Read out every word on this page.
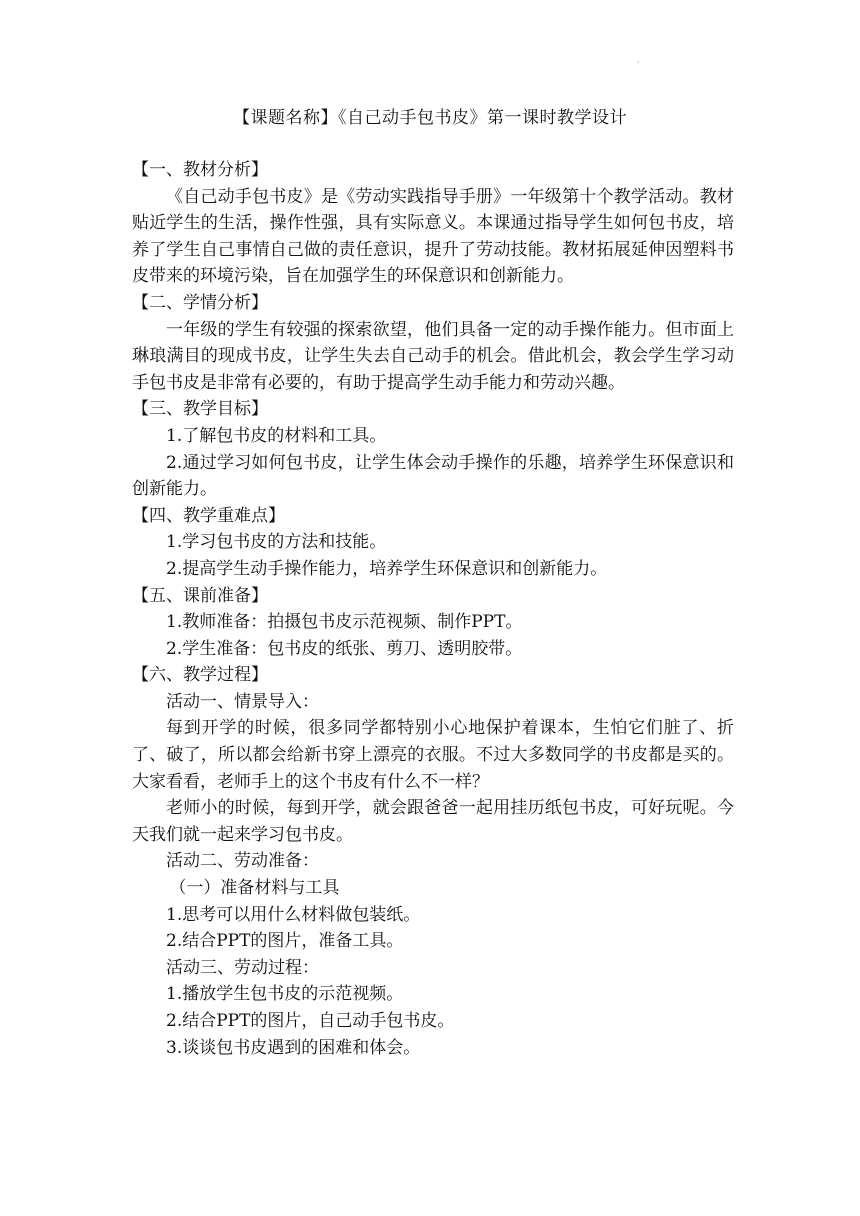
·
【课题名称】《自己动手包书皮》第一课时教学设计

【一、教材分析】

《自己动手包书皮》是《劳动实践指导手册》一年级第十个教学活动。教材贴近学生的生活，操作性强，具有实际意义。本课通过指导学生如何包书皮，培养了学生自己事情自己做的责任意识，提升了劳动技能。教材拓展延伸因塑料书皮带来的环境污染，旨在加强学生的环保意识和创新能力。

【二、学情分析】

一年级的学生有较强的探索欲望，他们具备一定的动手操作能力。但市面上琳琅满目的现成书皮，让学生失去自己动手的机会。借此机会，教会学生学习动手包书皮是非常有必要的，有助于提高学生动手能力和劳动兴趣。

【三、教学目标】

1.了解包书皮的材料和工具。

2.通过学习如何包书皮，让学生体会动手操作的乐趣，培养学生环保意识和创新能力。

【四、教学重难点】

1.学习包书皮的方法和技能。

2.提高学生动手操作能力，培养学生环保意识和创新能力。

【五、课前准备】

1.教师准备：拍摄包书皮示范视频、制作PPT。

2.学生准备：包书皮的纸张、剪刀、透明胶带。

【六、教学过程】

活动一、情景导入：

每到开学的时候，很多同学都特别小心地保护着课本，生怕它们脏了、折了、破了，所以都会给新书穿上漂亮的衣服。不过大多数同学的书皮都是买的。大家看看，老师手上的这个书皮有什么不一样？

老师小的时候，每到开学，就会跟爸爸一起用挂历纸包书皮，可好玩呢。今天我们就一起来学习包书皮。

活动二、劳动准备：

（一）准备材料与工具

1.思考可以用什么材料做包装纸。

2.结合PPT的图片，准备工具。

活动三、劳动过程：

1.播放学生包书皮的示范视频。

2.结合PPT的图片，自己动手包书皮。

3.谈谈包书皮遇到的困难和体会。
